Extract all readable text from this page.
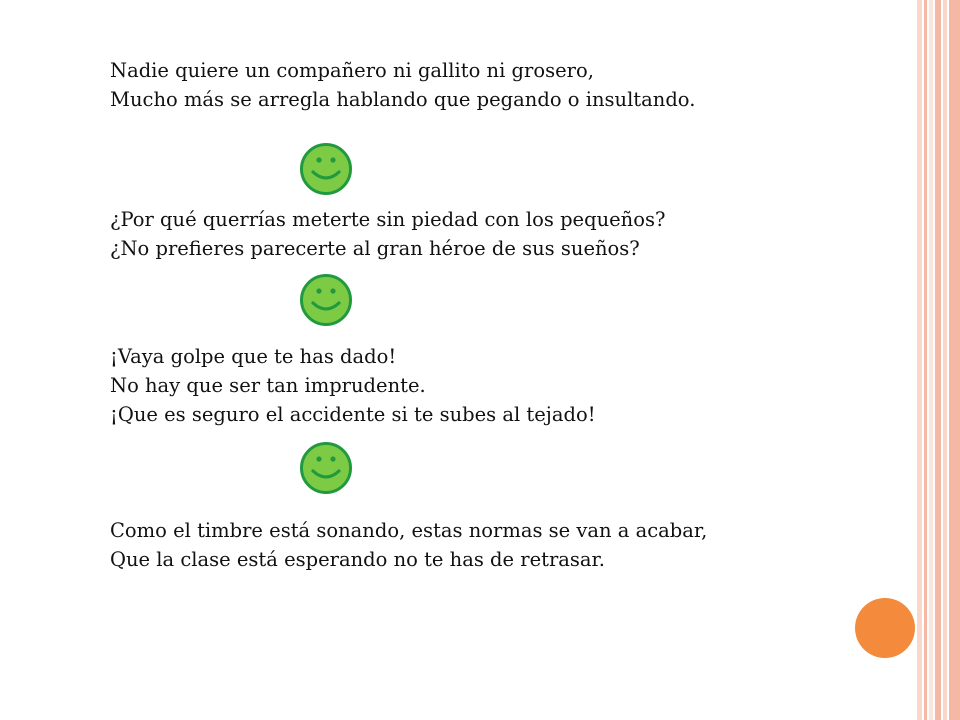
Nadie quiere un compañero ni gallito ni grosero,
Mucho más se arregla hablando que pegando o insultando.
¿Por qué querrías meterte sin piedad con los pequeños?
¿No prefieres parecerte al gran héroe de sus sueños?
¡Vaya golpe que te has dado!
No hay que ser tan imprudente.
¡Que es seguro el accidente si te subes al tejado!
Como el timbre está sonando, estas normas se van a acabar,
Que la clase está esperando no te has de retrasar.
